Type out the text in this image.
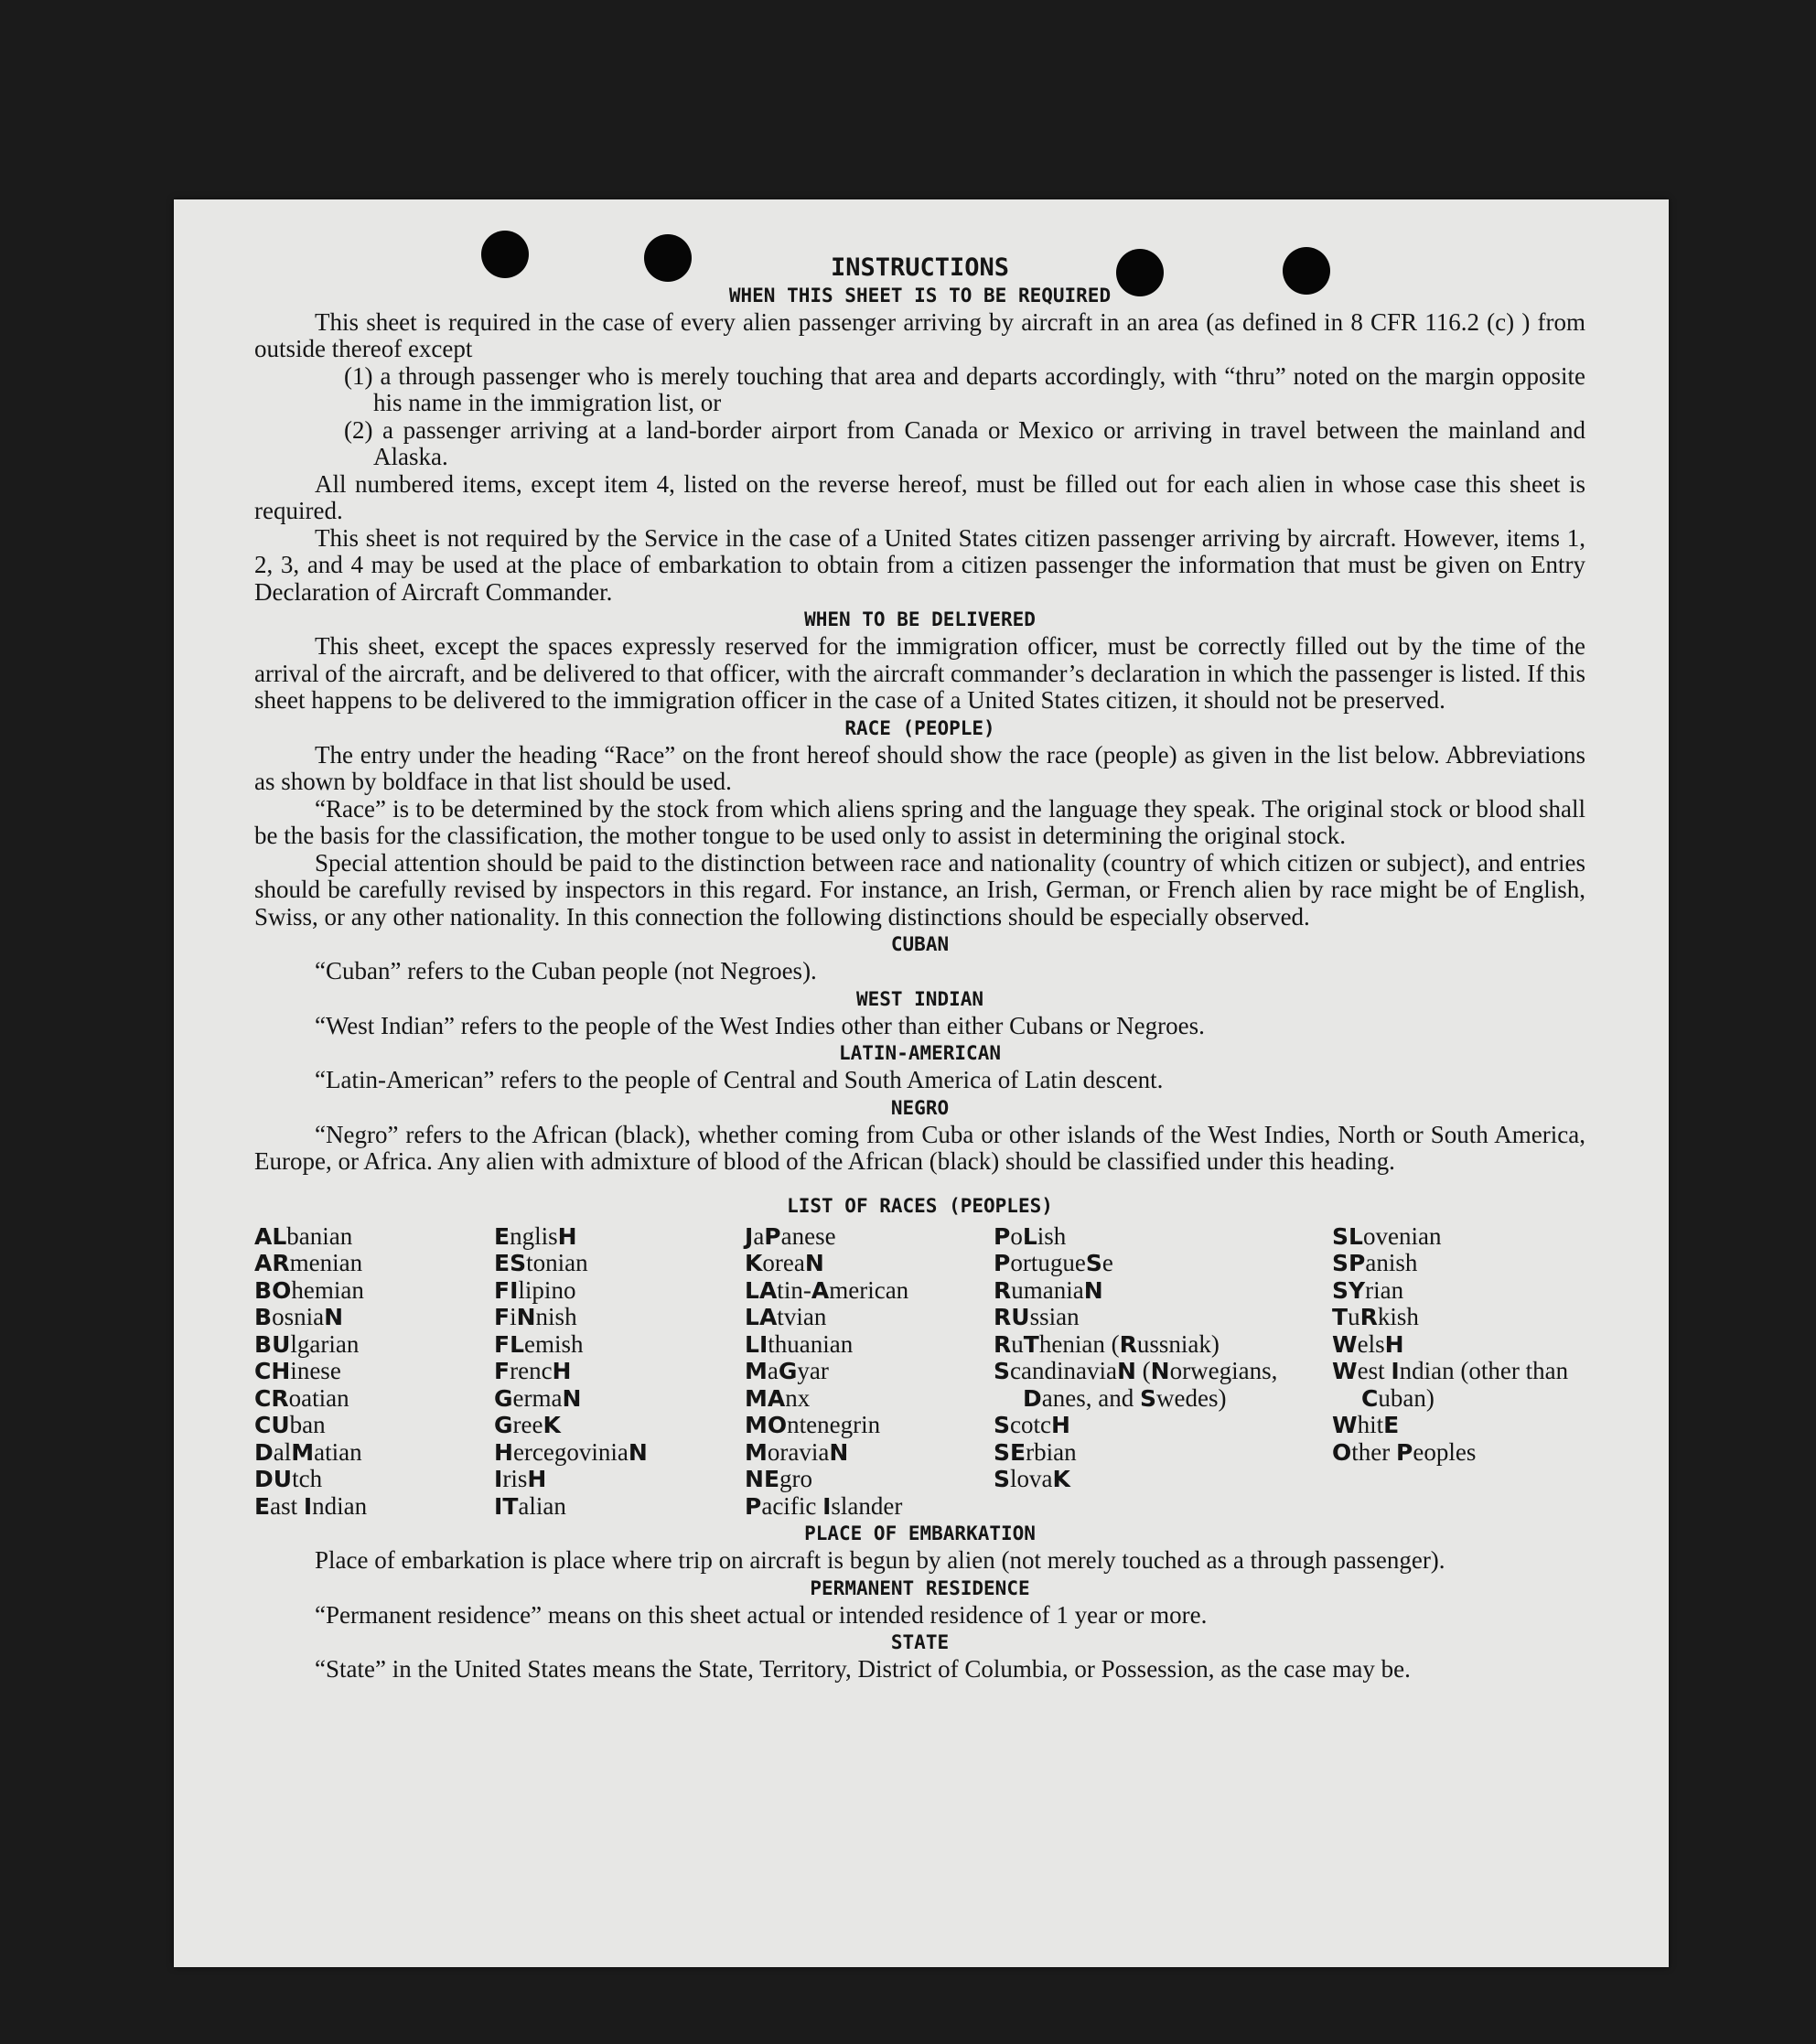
INSTRUCTIONS
WHEN THIS SHEET IS TO BE REQUIRED

This sheet is required in the case of every alien passenger arriving by aircraft in an area (as defined in 8 CFR 116.2 (c) ) from outside thereof except

(1) a through passenger who is merely touching that area and departs accordingly, with “thru” noted on the margin opposite his name in the immigration list, or

(2) a passenger arriving at a land-border airport from Canada or Mexico or arriving in travel between the mainland and Alaska.

All numbered items, except item 4, listed on the reverse hereof, must be filled out for each alien in whose case this sheet is required.

This sheet is not required by the Service in the case of a United States citizen passenger arriving by aircraft. However, items 1, 2, 3, and 4 may be used at the place of embarkation to obtain from a citizen passenger the information that must be given on Entry Declaration of Aircraft Commander.

WHEN TO BE DELIVERED

This sheet, except the spaces expressly reserved for the immigration officer, must be correctly filled out by the time of the arrival of the aircraft, and be delivered to that officer, with the aircraft commander’s declaration in which the passenger is listed. If this sheet happens to be delivered to the immigration officer in the case of a United States citizen, it should not be preserved.

RACE (PEOPLE)

The entry under the heading “Race” on the front hereof should show the race (people) as given in the list below. Abbreviations as shown by boldface in that list should be used.

“Race” is to be determined by the stock from which aliens spring and the language they speak. The original stock or blood shall be the basis for the classification, the mother tongue to be used only to assist in determining the original stock.

Special attention should be paid to the distinction between race and nationality (country of which citizen or subject), and entries should be carefully revised by inspectors in this regard. For instance, an Irish, German, or French alien by race might be of English, Swiss, or any other nationality. In this connection the following distinctions should be especially observed.

CUBAN

“Cuban” refers to the Cuban people (not Negroes).

WEST INDIAN

“West Indian” refers to the people of the West Indies other than either Cubans or Negroes.

LATIN-AMERICAN

“Latin-American” refers to the people of Central and South America of Latin descent.

NEGRO

“Negro” refers to the African (black), whether coming from Cuba or other islands of the West Indies, North or South America, Europe, or Africa. Any alien with admixture of blood of the African (black) should be classified under this heading.

LIST OF RACES (PEOPLES)
ALbanian
ARmenian
BOhemian
BosniaN
BUlgarian
CHinese
CRoatian
CUban
DalMatian
DUtch
East Indian
EnglisH
EStonian
FIlipino
FiNnish
FLemish
FrencH
GermaN
GreeK
HercegoviniaN
IrisH
ITalian
JaPanese
KoreaN
LAtin-American
LAtvian
LIthuanian
MaGyar
MAnx
MOntenegrin
MoraviaN
NEgro
Pacific Islander
PoLish
PortugueSe
RumaniaN
RUssian
RuThenian (Russniak)
ScandinaviaN (Norwegians, Danes, and Swedes)
ScotcH
SErbian
SlovaK
SLovenian
SPanish
SYrian
TuRkish
WelsH
West Indian (other than Cuban)
WhitE
Other Peoples
PLACE OF EMBARKATION

Place of embarkation is place where trip on aircraft is begun by alien (not merely touched as a through passenger).

PERMANENT RESIDENCE

“Permanent residence” means on this sheet actual or intended residence of 1 year or more.

STATE

“State” in the United States means the State, Territory, District of Columbia, or Possession, as the case may be.
